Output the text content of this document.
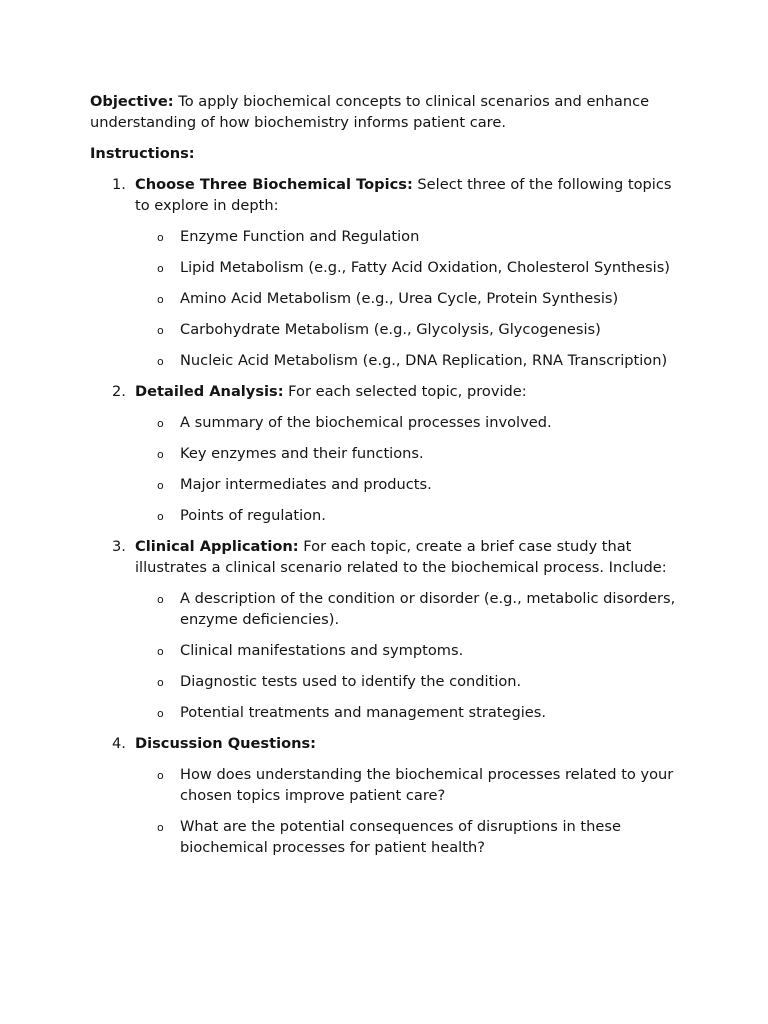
Objective: To apply biochemical concepts to clinical scenarios and enhance understanding of how biochemistry informs patient care.

Instructions:

1. Choose Three Biochemical Topics: Select three of the following topics to explore in depth:
o Enzyme Function and Regulation
o Lipid Metabolism (e.g., Fatty Acid Oxidation, Cholesterol Synthesis)
o Amino Acid Metabolism (e.g., Urea Cycle, Protein Synthesis)
o Carbohydrate Metabolism (e.g., Glycolysis, Glycogenesis)
o Nucleic Acid Metabolism (e.g., DNA Replication, RNA Transcription)
2. Detailed Analysis: For each selected topic, provide:
o A summary of the biochemical processes involved.
o Key enzymes and their functions.
o Major intermediates and products.
o Points of regulation.
3. Clinical Application: For each topic, create a brief case study that illustrates a clinical scenario related to the biochemical process. Include:
o A description of the condition or disorder (e.g., metabolic disorders, enzyme deficiencies).
o Clinical manifestations and symptoms.
o Diagnostic tests used to identify the condition.
o Potential treatments and management strategies.
4. Discussion Questions:
o How does understanding the biochemical processes related to your chosen topics improve patient care?
o What are the potential consequences of disruptions in these biochemical processes for patient health?
